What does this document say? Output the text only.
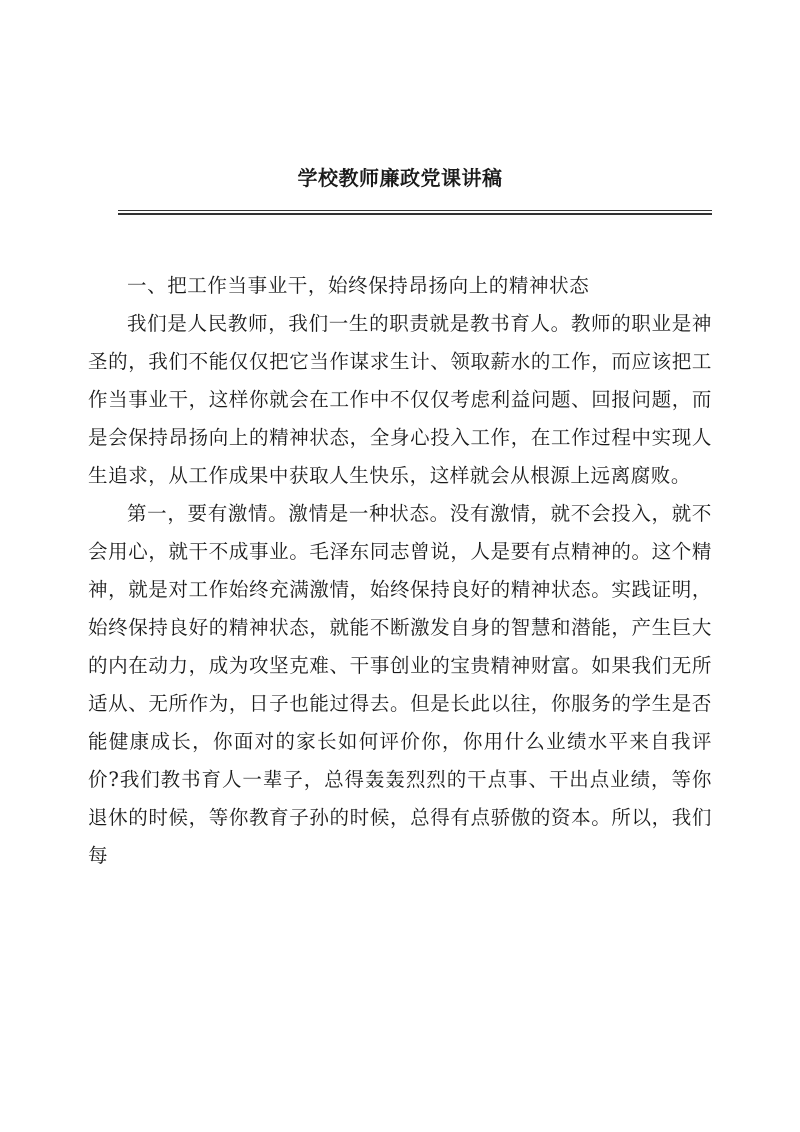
学校教师廉政党课讲稿

一、把工作当事业干，始终保持昂扬向上的精神状态

我们是人民教师，我们一生的职责就是教书育人。教师的职业是神圣的，我们不能仅仅把它当作谋求生计、领取薪水的工作，而应该把工作当事业干，这样你就会在工作中不仅仅考虑利益问题、回报问题，而是会保持昂扬向上的精神状态，全身心投入工作，在工作过程中实现人生追求，从工作成果中获取人生快乐，这样就会从根源上远离腐败。

第一，要有激情。激情是一种状态。没有激情，就不会投入，就不会用心，就干不成事业。毛泽东同志曾说，人是要有点精神的。这个精神，就是对工作始终充满激情，始终保持良好的精神状态。实践证明，始终保持良好的精神状态，就能不断激发自身的智慧和潜能，产生巨大的内在动力，成为攻坚克难、干事创业的宝贵精神财富。如果我们无所适从、无所作为，日子也能过得去。但是长此以往，你服务的学生是否能健康成长，你面对的家长如何评价你，你用什么业绩水平来自我评价?我们教书育人一辈子，总得轰轰烈烈的干点事、干出点业绩，等你退休的时候，等你教育子孙的时候，总得有点骄傲的资本。所以，我们每
